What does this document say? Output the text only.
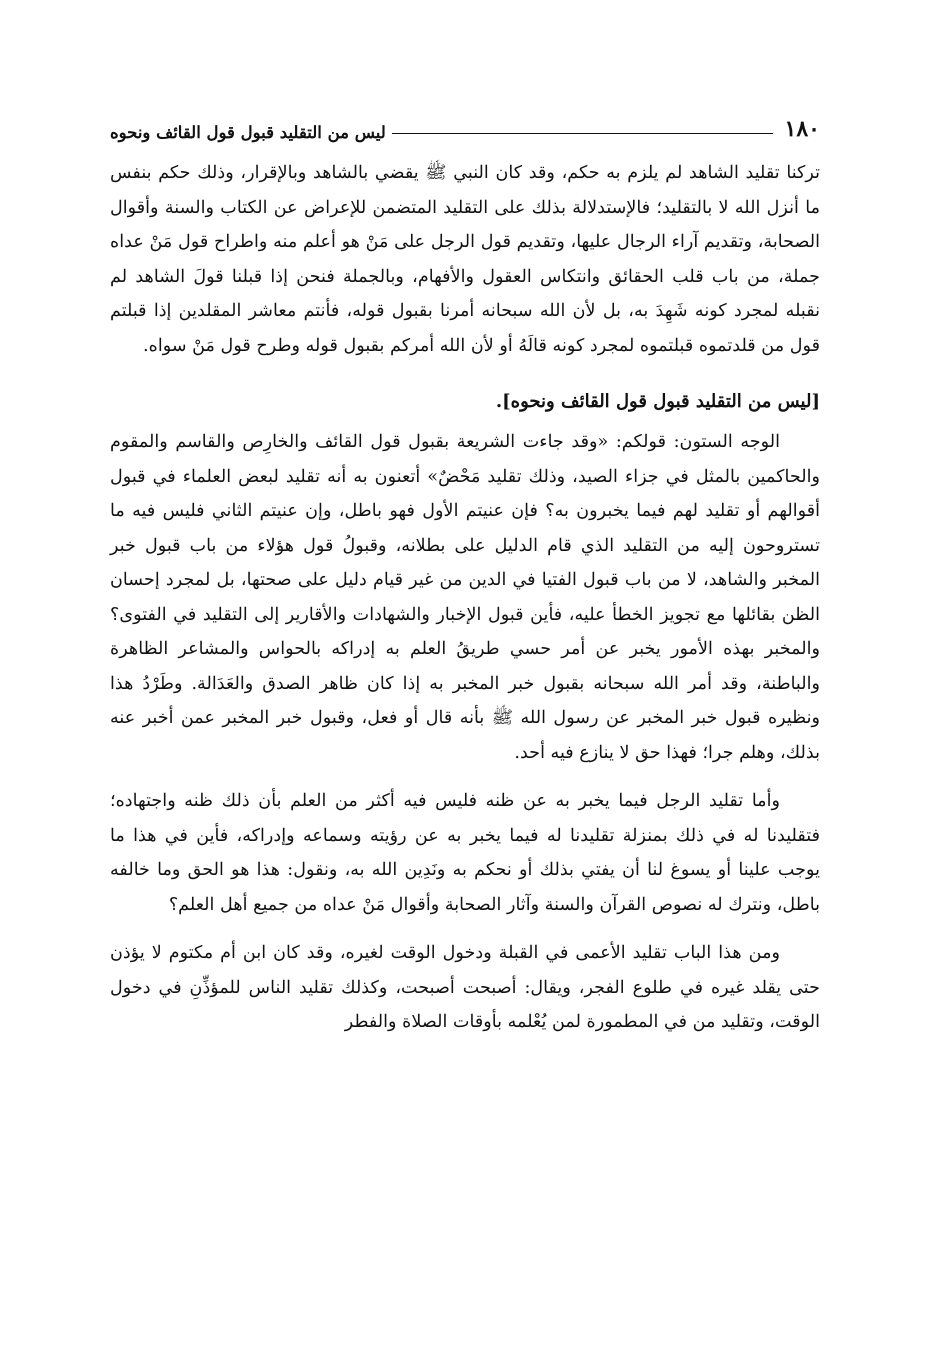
١٨٠
ليس من التقليد قبول قول القائف ونحوه

تركنا تقليد الشاهد لم يلزم به حكم، وقد كان النبي ﷺ يقضي بالشاهد وبالإقرار، وذلك حكم بنفس ما أنزل الله لا بالتقليد؛ فالإستدلالة بذلك على التقليد المتضمن للإعراض عن الكتاب والسنة وأقوال الصحابة، وتقديم آراء الرجال عليها، وتقديم قول الرجل على مَنْ هو أعلم منه واطراح قول مَنْ عداه جملة، من باب قلب الحقائق وانتكاس العقول والأفهام، وبالجملة فنحن إذا قبلنا قولَ الشاهد لم نقبله لمجرد كونه شَهِدَ به، بل لأن الله سبحانه أمرنا بقبول قوله، فأنتم معاشر المقلدين إذا قبلتم قول من قلدتموه قبلتموه لمجرد كونه قالَهُ أو لأن الله أمركم بقبول قوله وطرح قول مَنْ سواه.

[ليس من التقليد قبول قول القائف ونحوه].

الوجه الستون: قولكم: «وقد جاءت الشريعة بقبول قول القائف والخارِص والقاسم والمقوم والحاكمين بالمثل في جزاء الصيد، وذلك تقليد مَحْضٌ» أتعنون به أنه تقليد لبعض العلماء في قبول أقوالهم أو تقليد لهم فيما يخبرون به؟ فإن عنيتم الأول فهو باطل، وإن عنيتم الثاني فليس فيه ما تستروحون إليه من التقليد الذي قام الدليل على بطلانه، وقبولُ قول هؤلاء من باب قبول خبر المخبر والشاهد، لا من باب قبول الفتيا في الدين من غير قيام دليل على صحتها، بل لمجرد إحسان الظن بقائلها مع تجويز الخطأ عليه، فأين قبول الإخبار والشهادات والأقارير إلى التقليد في الفتوى؟ والمخبر بهذه الأمور يخبر عن أمر حسي طريقُ العلم به إدراكه بالحواس والمشاعر الظاهرة والباطنة، وقد أمر الله سبحانه بقبول خبر المخبر به إذا كان ظاهر الصدق والعَدَالة. وطَرْدُ هذا ونظيره قبول خبر المخبر عن رسول الله ﷺ بأنه قال أو فعل، وقبول خبر المخبر عمن أخبر عنه بذلك، وهلم جرا؛ فهذا حق لا ينازع فيه أحد.

وأما تقليد الرجل فيما يخبر به عن ظنه فليس فيه أكثر من العلم بأن ذلك ظنه واجتهاده؛ فتقليدنا له في ذلك بمنزلة تقليدنا له فيما يخبر به عن رؤيته وسماعه وإدراكه، فأين في هذا ما يوجب علينا أو يسوغ لنا أن يفتي بذلك أو نحكم به ونَدِين الله به، ونقول: هذا هو الحق وما خالفه باطل، ونترك له نصوص القرآن والسنة وآثار الصحابة وأقوال مَنْ عداه من جميع أهل العلم؟

ومن هذا الباب تقليد الأعمى في القبلة ودخول الوقت لغيره، وقد كان ابن أم مكتوم لا يؤذن حتى يقلد غيره في طلوع الفجر، ويقال: أصبحت أصبحت، وكذلك تقليد الناس للمؤذِّنِ في دخول الوقت، وتقليد من في المطمورة لمن يُعْلمه بأوقات الصلاة والفطر
